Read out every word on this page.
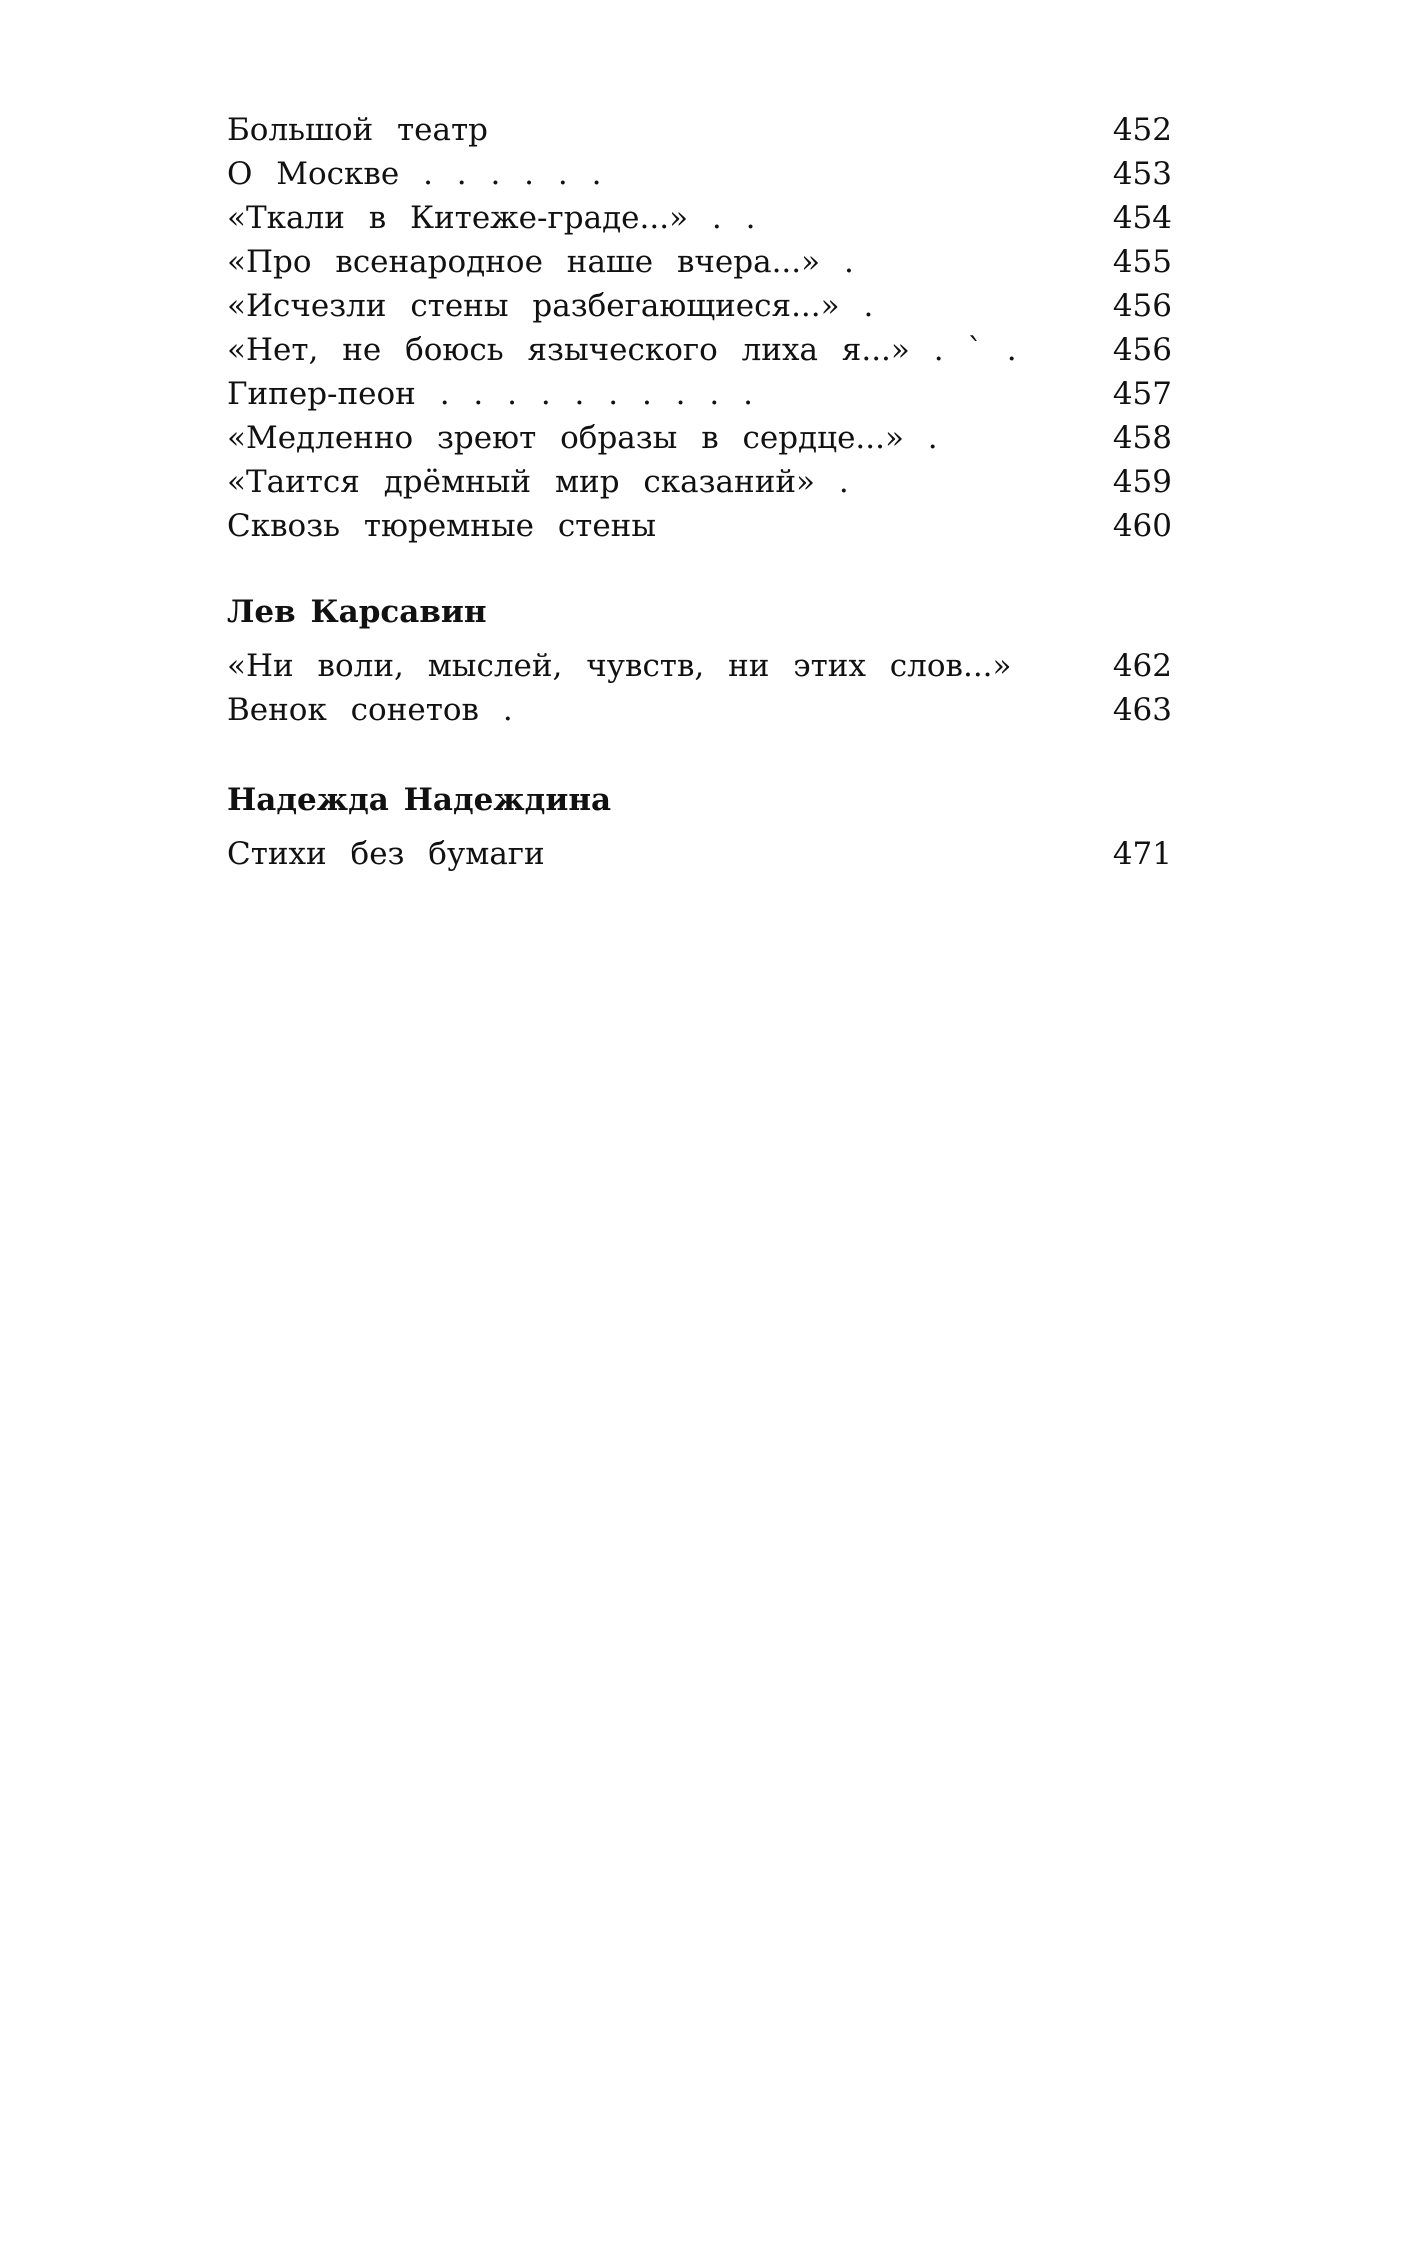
Большой театр	452
О Москве . . . . . .	453
«Ткали в Китеже-граде...» . .	454
«Про всенародное наше вчера...» .	455
«Исчезли стены разбегающиеся...» .	456
«Нет, не боюсь языческого лиха я...» . ` .	456
Гипер-пеон . . . . . . . . . .	457
«Медленно зреют образы в сердце...» .	458
«Таится дрёмный мир сказаний» .	459
Сквозь тюремные стены	460
Лев Карсавин
«Ни воли, мыслей, чувств, ни этих слов...»	462
Венок сонетов .	463
Надежда Надеждина
Стихи без бумаги	471
